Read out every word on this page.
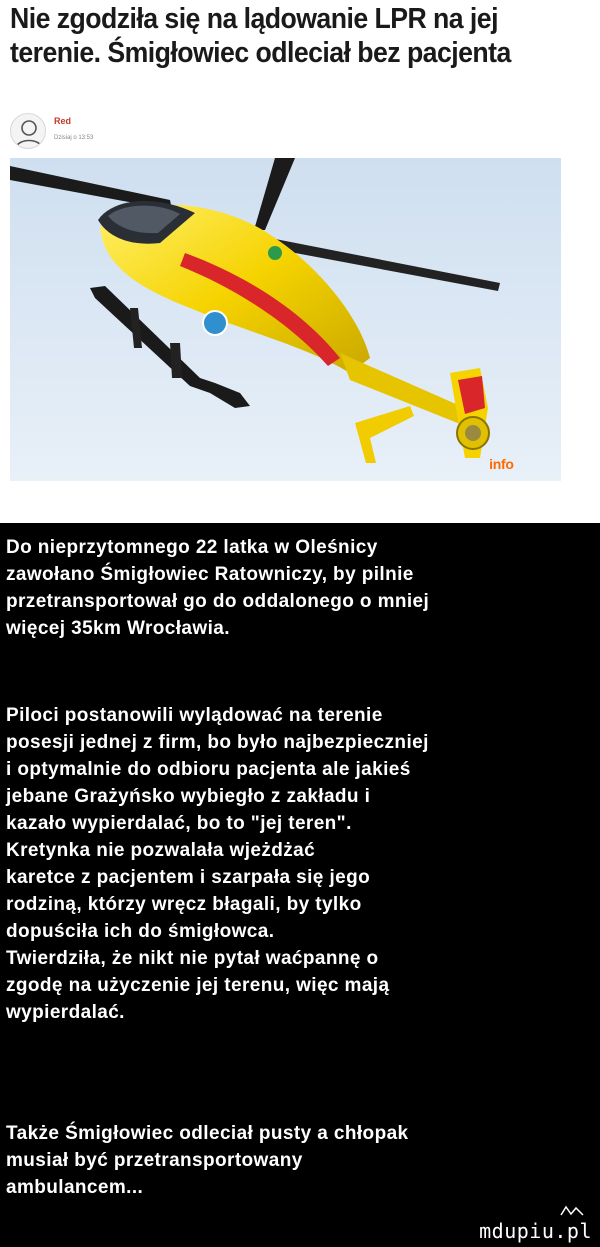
Nie zgodziła się na lądowanie LPR na jej terenie. Śmigłowiec odleciał bez pacjenta
Red
Dzisiaj o 13:53
olesnicinfo
Do nieprzytomnego 22 latka w Oleśnicy
zawołano Śmigłowiec Ratowniczy, by pilnie
przetransportował go do oddalonego o mniej
więcej 35km Wrocławia.
Piloci postanowili wylądować na terenie
posesji jednej z firm, bo było najbezpieczniej
i optymalnie do odbioru pacjenta ale jakieś
jebane Grażyńsko wybiegło z zakładu i
kazało wypierdalać, bo to "jej teren".
Kretynka nie pozwalała wjeżdżać
karetce z pacjentem i szarpała się jego
rodziną, którzy wręcz błagali, by tylko
dopuściła ich do śmigłowca.
Twierdziła, że nikt nie pytał waćpannę o
zgodę na użyczenie jej terenu, więc mają
wypierdalać.
Także Śmigłowiec odleciał pusty a chłopak
musiał być przetransportowany
ambulancem...
mdupiu.pl
